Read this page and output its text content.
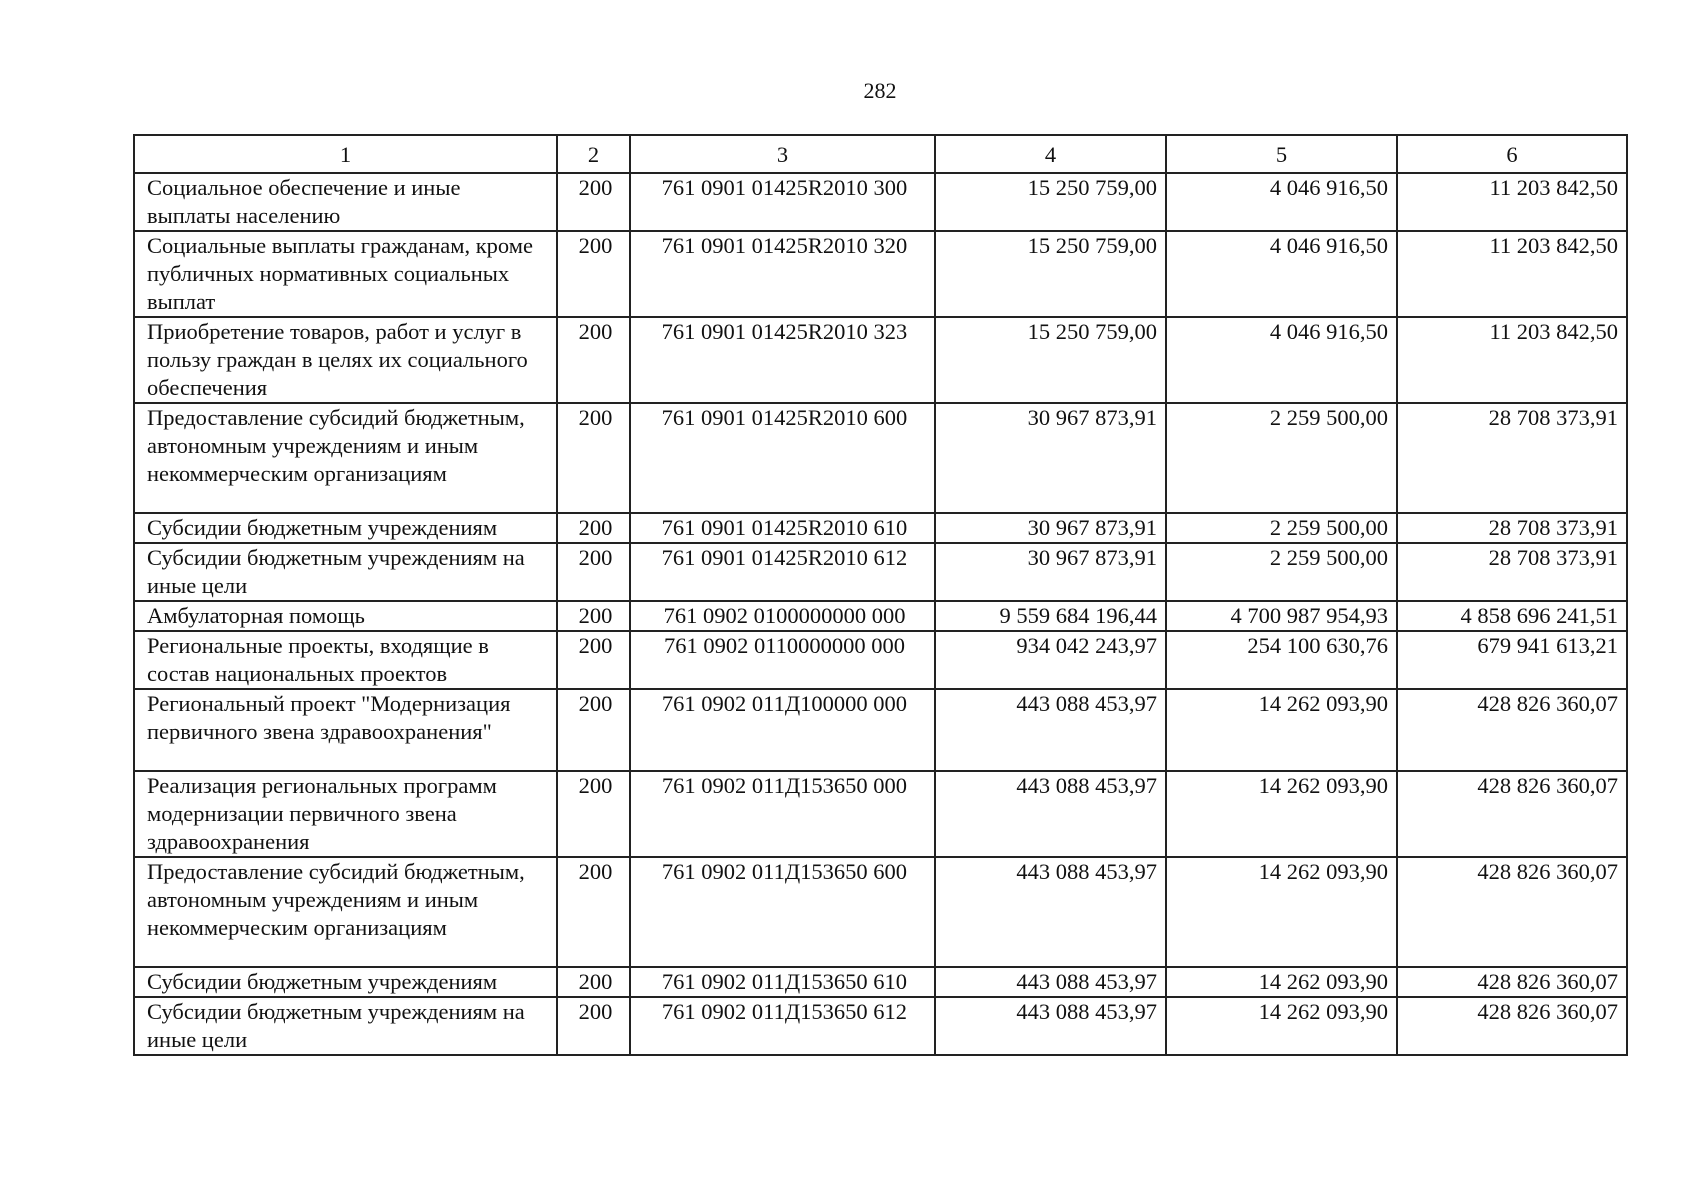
282
1	2	3	4	5	6
Социальное обеспечение и иные выплаты населению	200	761 0901 01425R2010 300	15 250 759,00	4 046 916,50	11 203 842,50
Социальные выплаты гражданам, кроме публичных нормативных социальных выплат	200	761 0901 01425R2010 320	15 250 759,00	4 046 916,50	11 203 842,50
Приобретение товаров, работ и услуг в пользу граждан в целях их социального обеспечения	200	761 0901 01425R2010 323	15 250 759,00	4 046 916,50	11 203 842,50
Предоставление субсидий бюджетным, автономным учреждениям и иным некоммерческим организациям	200	761 0901 01425R2010 600	30 967 873,91	2 259 500,00	28 708 373,91
Субсидии бюджетным учреждениям	200	761 0901 01425R2010 610	30 967 873,91	2 259 500,00	28 708 373,91
Субсидии бюджетным учреждениям на иные цели	200	761 0901 01425R2010 612	30 967 873,91	2 259 500,00	28 708 373,91
Амбулаторная помощь	200	761 0902 0100000000 000	9 559 684 196,44	4 700 987 954,93	4 858 696 241,51
Региональные проекты, входящие в состав национальных проектов	200	761 0902 0110000000 000	934 042 243,97	254 100 630,76	679 941 613,21
Региональный проект "Модернизация первичного звена здравоохранения"	200	761 0902 011Д100000 000	443 088 453,97	14 262 093,90	428 826 360,07
Реализация региональных программ модернизации первичного звена здравоохранения	200	761 0902 011Д153650 000	443 088 453,97	14 262 093,90	428 826 360,07
Предоставление субсидий бюджетным, автономным учреждениям и иным некоммерческим организациям	200	761 0902 011Д153650 600	443 088 453,97	14 262 093,90	428 826 360,07
Субсидии бюджетным учреждениям	200	761 0902 011Д153650 610	443 088 453,97	14 262 093,90	428 826 360,07
Субсидии бюджетным учреждениям на иные цели	200	761 0902 011Д153650 612	443 088 453,97	14 262 093,90	428 826 360,07
